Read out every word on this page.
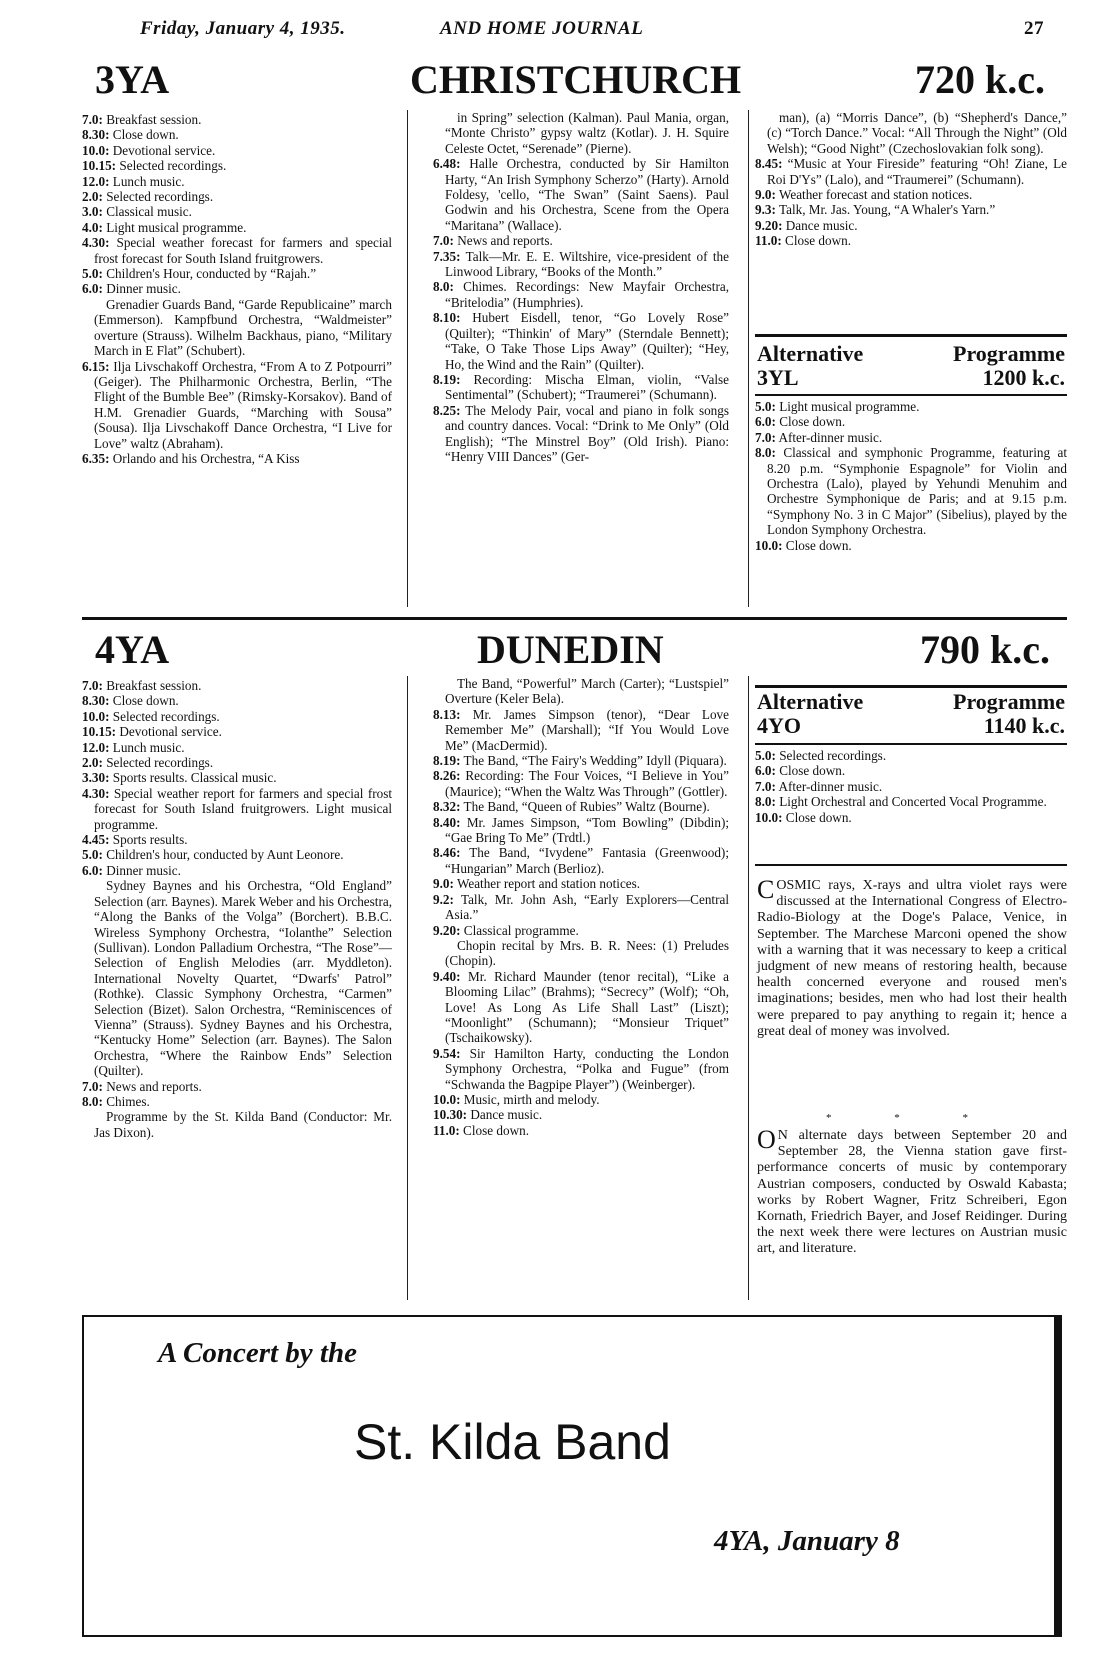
Friday, January 4, 1935.	AND HOME JOURNAL	27
3YA	CHRISTCHURCH	720 k.c.

7.0: Breakfast session.

8.30: Close down.

10.0: Devotional service.

10.15: Selected recordings.

12.0: Lunch music.

2.0: Selected recordings.

3.0: Classical music.

4.0: Light musical programme.

4.30: Special weather forecast for farmers and special frost forecast for South Island fruitgrowers.

5.0: Children's Hour, conducted by “Rajah.”

6.0: Dinner music.

Grenadier Guards Band, “Garde Republicaine” march (Emmerson). Kampfbund Orchestra, “Waldmeister” overture (Strauss). Wilhelm Backhaus, piano, “Military March in E Flat” (Schubert).

6.15: Ilja Livschakoff Orchestra, “From A to Z Potpourri” (Geiger). The Philharmonic Orchestra, Berlin, “The Flight of the Bumble Bee” (Rimsky-Korsakov). Band of H.M. Grenadier Guards, “Marching with Sousa” (Sousa). Ilja Livschakoff Dance Orchestra, “I Live for Love” waltz (Abraham).

6.35: Orlando and his Orchestra, “A Kiss

in Spring” selection (Kalman). Paul Mania, organ, “Monte Christo” gypsy waltz (Kotlar). J. H. Squire Celeste Octet, “Serenade” (Pierne).

6.48: Halle Orchestra, conducted by Sir Hamilton Harty, “An Irish Symphony Scherzo” (Harty). Arnold Foldesy, 'cello, “The Swan” (Saint Saens). Paul Godwin and his Orchestra, Scene from the Opera “Maritana” (Wallace).

7.0: News and reports.

7.35: Talk—Mr. E. E. Wiltshire, vice-president of the Linwood Library, “Books of the Month.”

8.0: Chimes. Recordings: New Mayfair Orchestra, “Britelodia” (Humphries).

8.10: Hubert Eisdell, tenor, “Go Lovely Rose” (Quilter); “Thinkin' of Mary” (Sterndale Bennett); “Take, O Take Those Lips Away” (Quilter); “Hey, Ho, the Wind and the Rain” (Quilter).

8.19: Recording: Mischa Elman, violin, “Valse Sentimental” (Schubert); “Traumerei” (Schumann).

8.25: The Melody Pair, vocal and piano in folk songs and country dances. Vocal: “Drink to Me Only” (Old English); “The Minstrel Boy” (Old Irish). Piano: “Henry VIII Dances” (Ger-

man), (a) “Morris Dance”, (b) “Shepherd's Dance,” (c) “Torch Dance.” Vocal: “All Through the Night” (Old Welsh); “Good Night” (Czechoslovakian folk song).

8.45: “Music at Your Fireside” featuring “Oh! Ziane, Le Roi D'Ys” (Lalo), and “Traumerei” (Schumann).

9.0: Weather forecast and station notices.

9.3: Talk, Mr. Jas. Young, “A Whaler's Yarn.”

9.20: Dance music.

11.0: Close down.

Alternative	Programme
3YL	1200 k.c.

5.0: Light musical programme.

6.0: Close down.

7.0: After-dinner music.

8.0: Classical and symphonic Programme, featuring at 8.20 p.m. “Symphonie Espagnole” for Violin and Orchestra (Lalo), played by Yehundi Menuhim and Orchestre Symphonique de Paris; and at 9.15 p.m. “Symphony No. 3 in C Major” (Sibelius), played by the London Symphony Orchestra.

10.0: Close down.

4YA	DUNEDIN	790 k.c.

7.0: Breakfast session.

8.30: Close down.

10.0: Selected recordings.

10.15: Devotional service.

12.0: Lunch music.

2.0: Selected recordings.

3.30: Sports results. Classical music.

4.30: Special weather report for farmers and special frost forecast for South Island fruitgrowers. Light musical programme.

4.45: Sports results.

5.0: Children's hour, conducted by Aunt Leonore.

6.0: Dinner music.

Sydney Baynes and his Orchestra, “Old England” Selection (arr. Baynes). Marek Weber and his Orchestra, “Along the Banks of the Volga” (Borchert). B.B.C. Wireless Symphony Orchestra, “Iolanthe” Selection (Sullivan). London Palladium Orchestra, “The Rose”—Selection of English Melodies (arr. Myddleton). International Novelty Quartet, “Dwarfs' Patrol” (Rothke). Classic Symphony Orchestra, “Carmen” Selection (Bizet). Salon Orchestra, “Reminiscences of Vienna” (Strauss). Sydney Baynes and his Orchestra, “Kentucky Home” Selection (arr. Baynes). The Salon Orchestra, “Where the Rainbow Ends” Selection (Quilter).

7.0: News and reports.

8.0: Chimes.

Programme by the St. Kilda Band (Conductor: Mr. Jas Dixon).

The Band, “Powerful” March (Carter); “Lustspiel” Overture (Keler Bela).

8.13: Mr. James Simpson (tenor), “Dear Love Remember Me” (Marshall); “If You Would Love Me” (MacDermid).

8.19: The Band, “The Fairy's Wedding” Idyll (Piquara).

8.26: Recording: The Four Voices, “I Believe in You” (Maurice); “When the Waltz Was Through” (Gottler).

8.32: The Band, “Queen of Rubies” Waltz (Bourne).

8.40: Mr. James Simpson, “Tom Bowling” (Dibdin); “Gae Bring To Me” (Trdtl.)

8.46: The Band, “Ivydene” Fantasia (Greenwood); “Hungarian” March (Berlioz).

9.0: Weather report and station notices.

9.2: Talk, Mr. John Ash, “Early Explorers—Central Asia.”

9.20: Classical programme.

Chopin recital by Mrs. B. R. Nees: (1) Preludes (Chopin).

9.40: Mr. Richard Maunder (tenor recital), “Like a Blooming Lilac” (Brahms); “Secrecy” (Wolf); “Oh, Love! As Long As Life Shall Last” (Liszt); “Moonlight” (Schumann); “Monsieur Triquet” (Tschaikowsky).

9.54: Sir Hamilton Harty, conducting the London Symphony Orchestra, “Polka and Fugue” (from “Schwanda the Bagpipe Player”) (Weinberger).

10.0: Music, mirth and melody.

10.30: Dance music.

11.0: Close down.

Alternative	Programme
4YO	1140 k.c.

5.0: Selected recordings.

6.0: Close down.

7.0: After-dinner music.

8.0: Light Orchestral and Concerted Vocal Programme.

10.0: Close down.

COSMIC rays, X-rays and ultra violet rays were discussed at the International Congress of Electro-Radio-Biology at the Doge's Palace, Venice, in September. The Marchese Marconi opened the show with a warning that it was necessary to keep a critical judgment of new means of restoring health, because health concerned everyone and roused men's imaginations; besides, men who had lost their health were prepared to pay anything to regain it; hence a great deal of money was involved.

* * *

O N alternate days between September 20 and September 28, the Vienna station gave first-performance concerts of music by contemporary Austrian composers, conducted by Oswald Kabasta; works by Robert Wagner, Fritz Schreiberi, Egon Kornath, Friedrich Bayer, and Josef Reidinger. During the next week there were lectures on Austrian music art, and literature.

A Concert by the
St. Kilda Band
4YA, January 8
